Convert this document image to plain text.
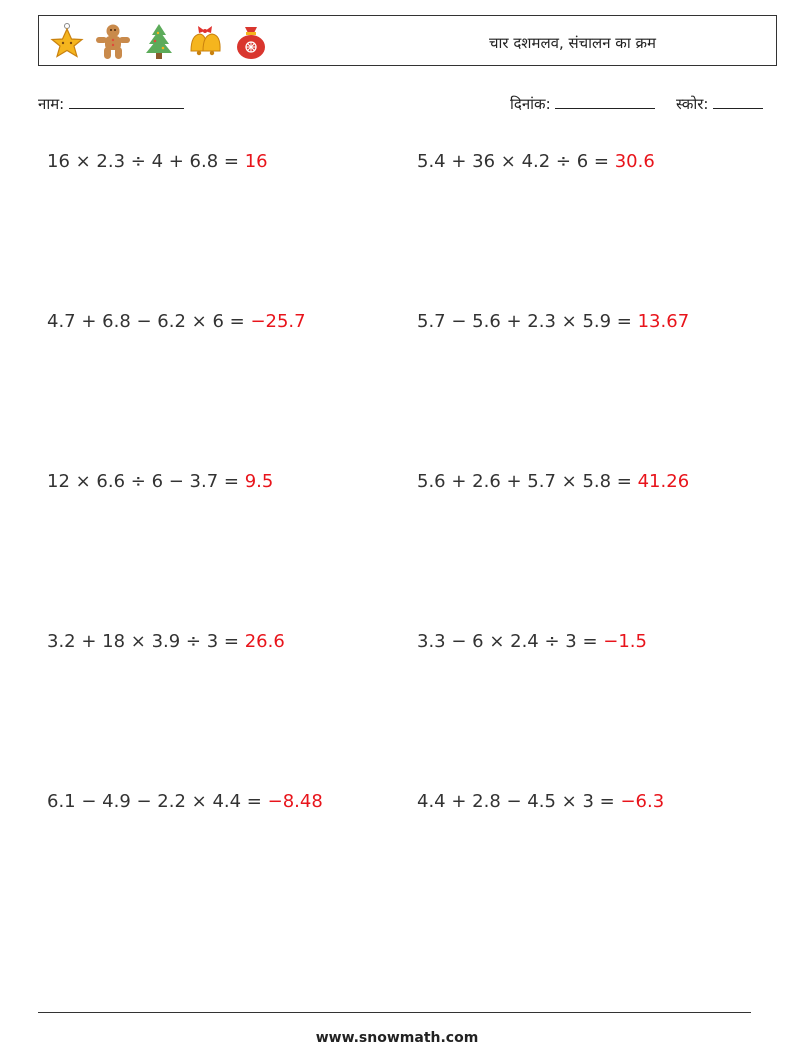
चार दशमलव, संचालन का क्रम
नाम:	दिनांक:	स्कोर:
16 × 2.3 ÷ 4 + 6.8 = 16	5.4 + 36 × 4.2 ÷ 6 = 30.6
4.7 + 6.8 − 6.2 × 6 = −25.7	5.7 − 5.6 + 2.3 × 5.9 = 13.67
12 × 6.6 ÷ 6 − 3.7 = 9.5	5.6 + 2.6 + 5.7 × 5.8 = 41.26
3.2 + 18 × 3.9 ÷ 3 = 26.6	3.3 − 6 × 2.4 ÷ 3 = −1.5
6.1 − 4.9 − 2.2 × 4.4 = −8.48	4.4 + 2.8 − 4.5 × 3 = −6.3
www.snowmath.com
